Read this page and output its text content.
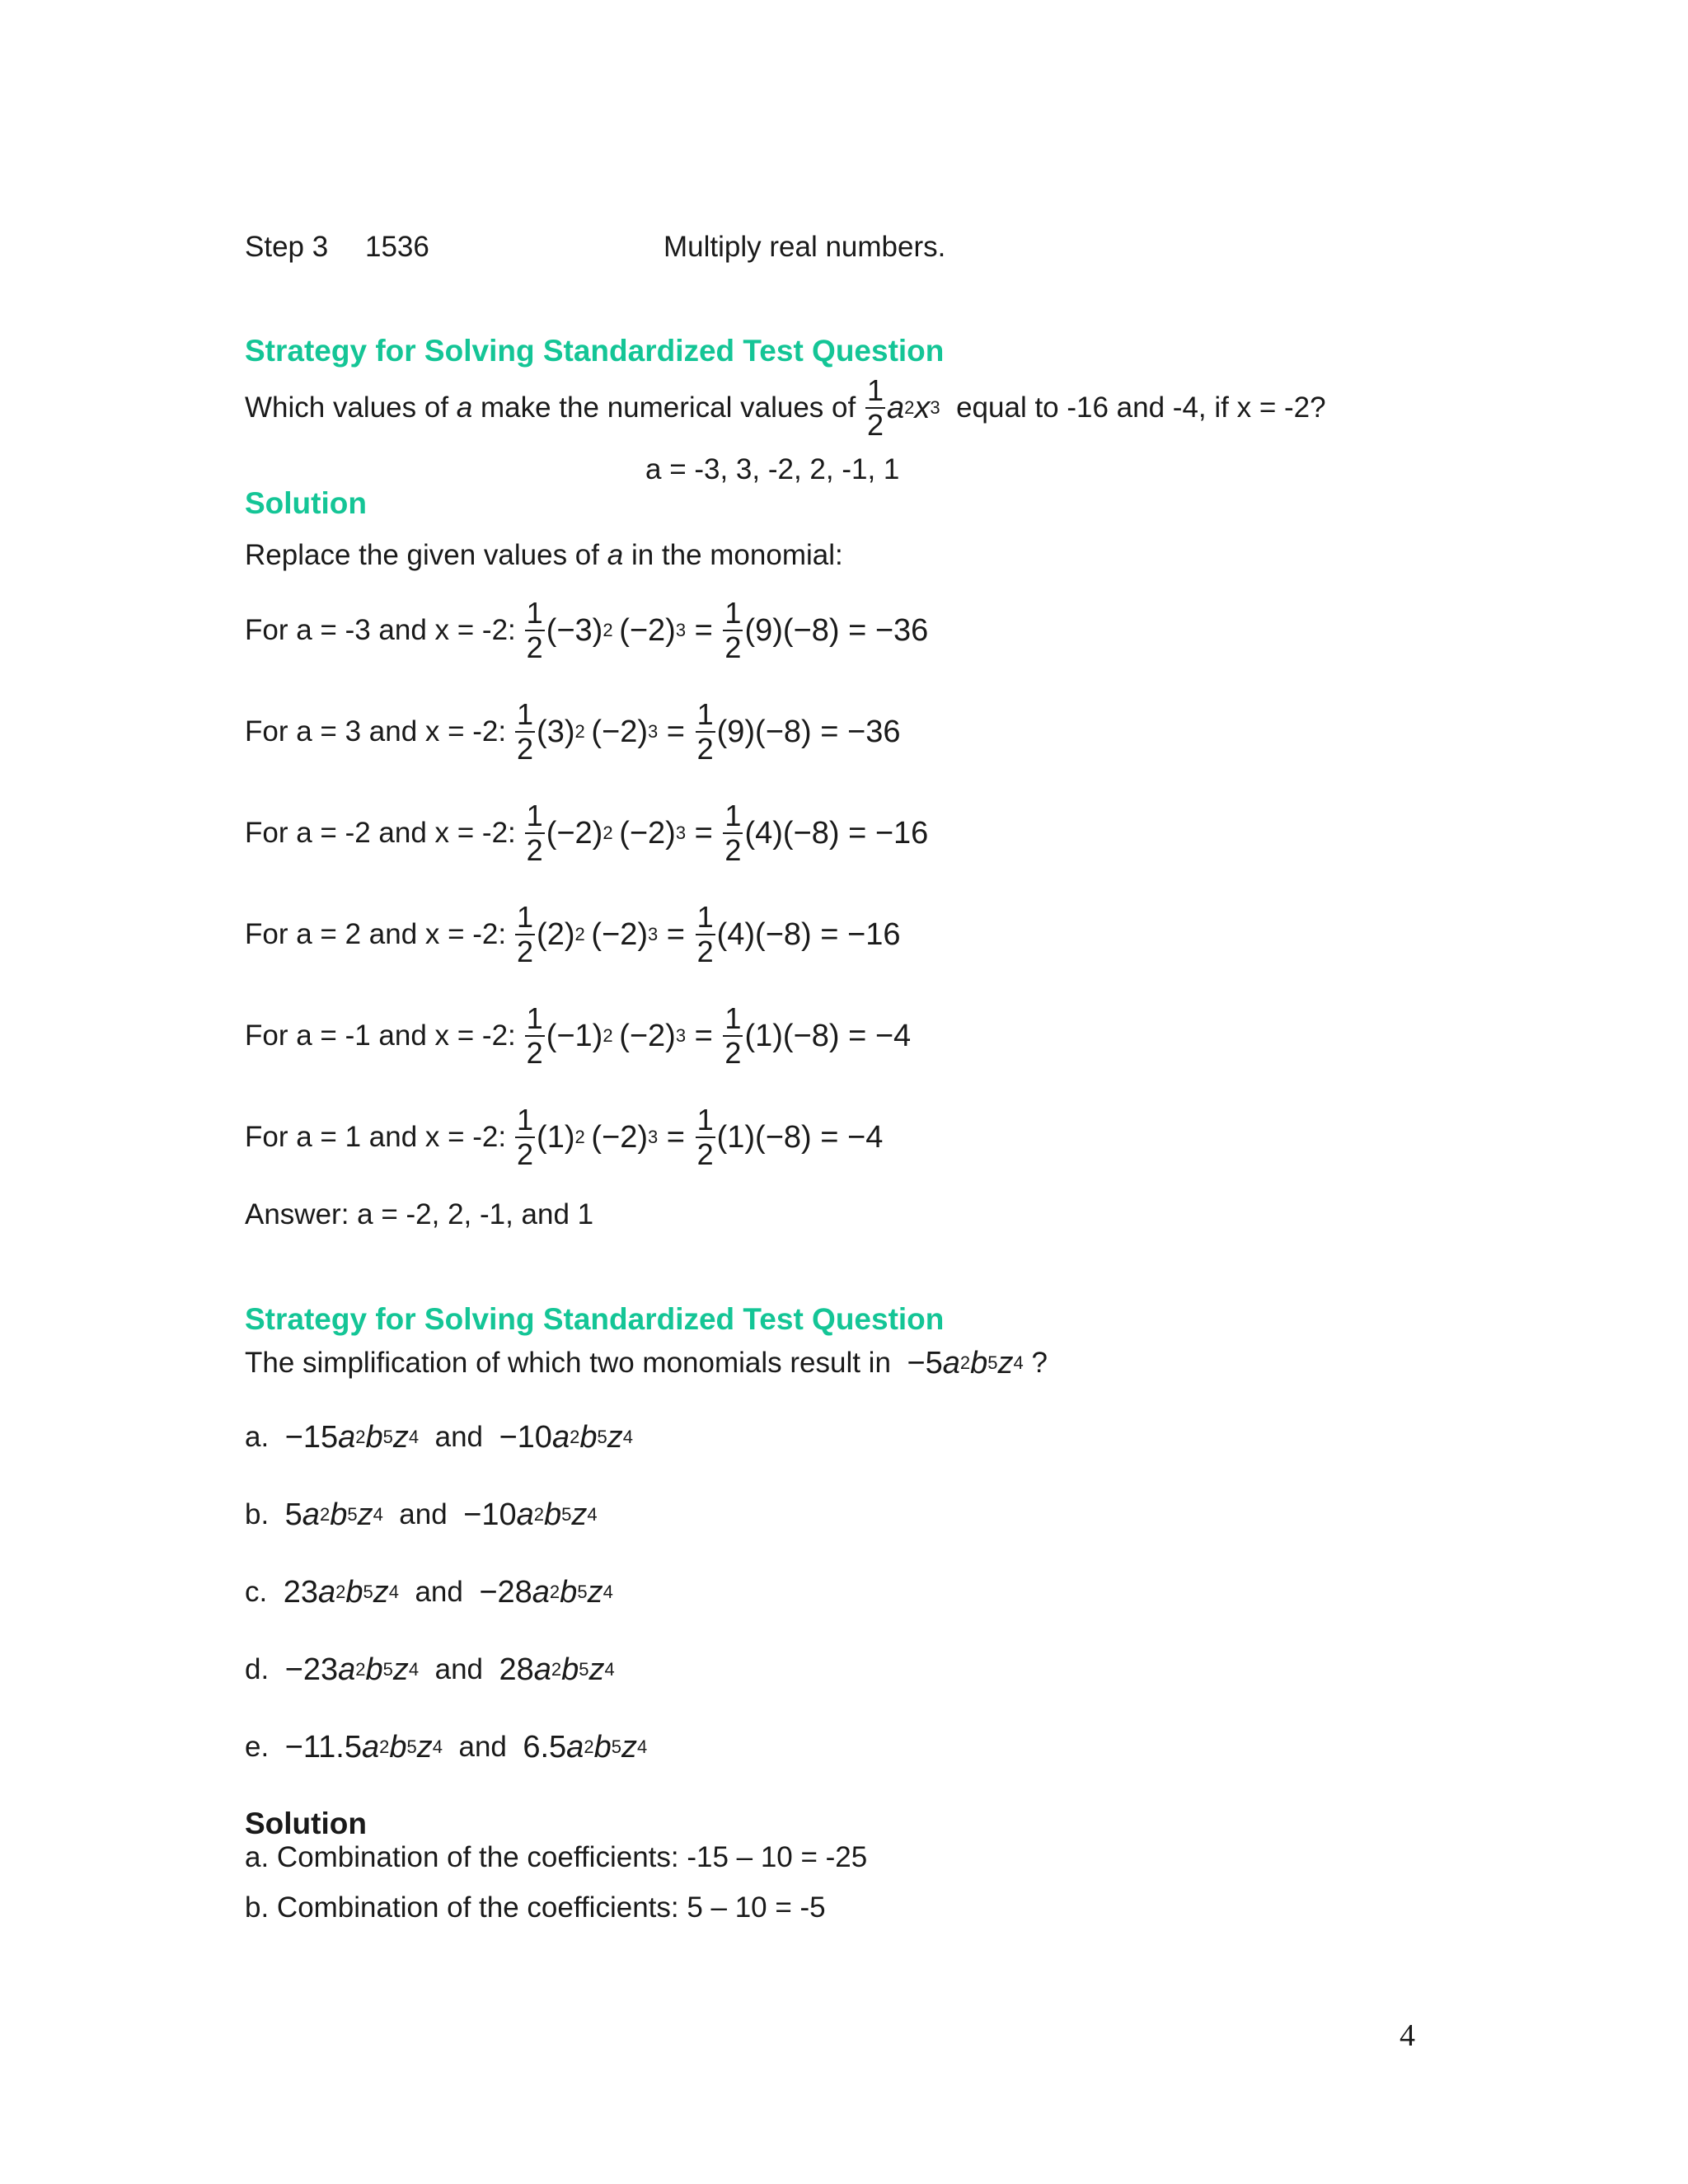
Step 3 1536	Multiply real numbers.
Strategy for Solving Standardized Test Question
Which values of
a
make the numerical values of
$\frac{1}{2}$ a 2 x 3
equal to -16 and -4, if x = -2?
a = -3, 3, -2, 2, -1, 1
Solution
Replace the given values of a in the monomial:
For a = -3 and x = -2:
$\frac{1}{2} (-3)$ 2  (−2) $3 = \frac{1}{2}$ ( 9 )(−8) = −36
For a = 3 and x = -2:
$\frac{1}{2} (3)$ 2  (−2) $3 = \frac{1}{2}$ ( 9 )(−8) = −36
For a = -2 and x = -2:
$\frac{1}{2} (-2)$ 2  (−2) $3 = \frac{1}{2}$ ( 4 )(−8) = −16
For a = 2 and x = -2:
$\frac{1}{2} (2)$ 2  (−2) $3 = \frac{1}{2}$ ( 4 )(−8) = −16
For a = -1 and x = -2:
$\frac{1}{2} (-1)$ 2  (−2) $3 = \frac{1}{2}$ ( 1 )(−8) = −4
For a = 1 and x = -2:
$\frac{1}{2} (1)$ 2  (−2) $3 = \frac{1}{2}$ ( 1 )(−8) = −4
Answer: a = -2, 2, -1, and 1
Strategy for Solving Standardized Test Question
The simplification of which two monomials result in
−5 a 2 b 5 z 4
?
a.
−15 a 2 b 5 z 4
and
−10 a 2 b 5 z 4
b.
5 a 2 b 5 z 4
and
−10 a 2 b 5 z 4
c.
23 a 2 b 5 z 4
and
−28 a 2 b 5 z 4
d.
−23 a 2 b 5 z 4
and
28 a 2 b 5 z 4
e.
−11.5 a 2 b 5 z 4
and
6.5 a 2 b 5 z 4
Solution
a. Combination of the coefficients: -15 – 10 = -25
b. Combination of the coefficients: 5 – 10 = -5
4
